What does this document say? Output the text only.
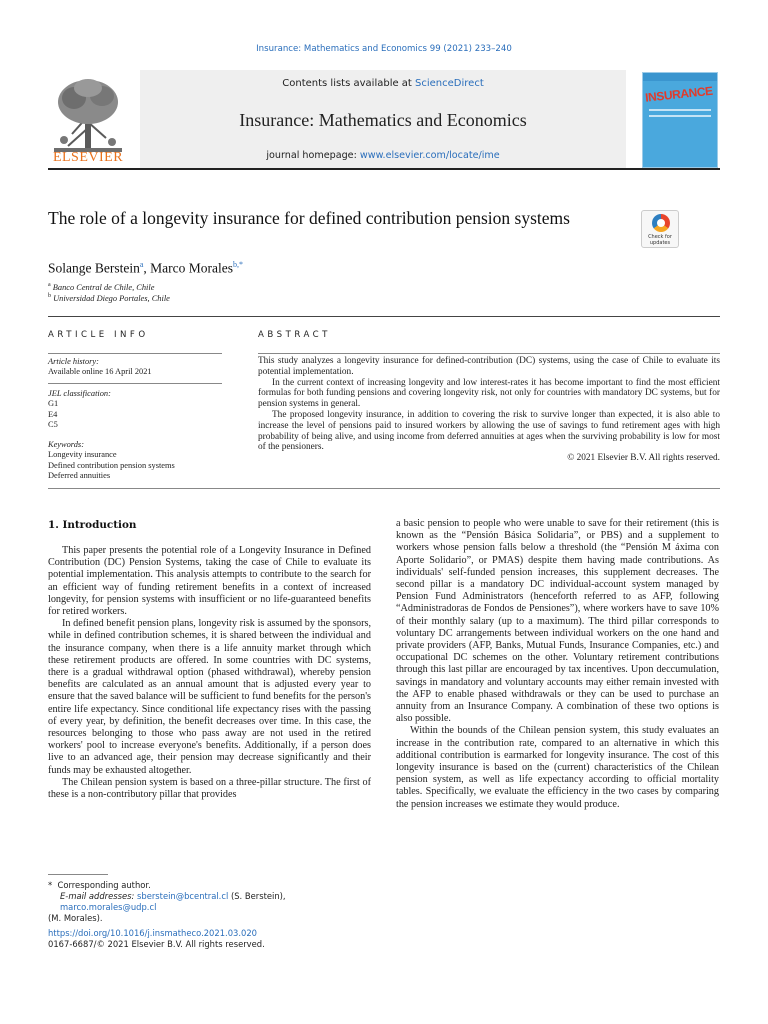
Insurance: Mathematics and Economics 99 (2021) 233–240
ELSEVIER
Contents lists available at ScienceDirect
Insurance: Mathematics and Economics
journal homepage: www.elsevier.com/locate/ime
INSURANCE
The role of a longevity insurance for defined contribution pension systems
Check for updates
Solange Berstein$^a$, Marco Morales$^{b,*}$
$^a$ Banco Central de Chile, Chile
$^b$ Universidad Diego Portales, Chile
ARTICLE INFO	ABSTRACT
Article history:
Available online 16 April 2021
JEL classification:
G1
E4
C5
Keywords:
Longevity insurance
Defined contribution pension systems
Deferred annuities

This study analyzes a longevity insurance for defined-contribution (DC) systems, using the case of Chile to evaluate its potential implementation.

In the current context of increasing longevity and low interest-rates it has become important to find the most efficient formulas for both funding pensions and covering longevity risk, not only for countries with mandatory DC systems, but for pension systems in general.

The proposed longevity insurance, in addition to covering the risk to survive longer than expected, it is also able to increase the level of pensions paid to insured workers by allowing the use of savings to fund retirement ages with high probability of being alive, and using income from deferred annuities at ages when the surviving probability is low for most of the pensioners.

© 2021 Elsevier B.V. All rights reserved.

1. Introduction

This paper presents the potential role of a Longevity Insurance in Defined Contribution (DC) Pension Systems, taking the case of Chile to evaluate its potential implementation. This analysis attempts to contribute to the search for an efficient way of funding retirement benefits in a context of increased longevity, for pension systems with insufficient or no life-guaranteed benefits for retired workers.

In defined benefit pension plans, longevity risk is assumed by the sponsors, while in defined contribution schemes, it is shared between the individual and the insurance company, when there is a life annuity market through which these retirement products are offered. In some countries with DC systems, there is a gradual withdrawal option (phased withdrawal), whereby pension benefits are calculated as an annual amount that is adjusted every year to ensure that the saved balance will be sufficient to fund benefits for the person's entire life expectancy. Since conditional life expectancy rises with the passing of every year, by definition, the benefit decreases over time. In this case, the resources belonging to those who pass away are not used in the retired workers' pool to increase everyone's benefits. Additionally, if a person does live to an advanced age, their pension may decrease significantly and their funds may be exhausted altogether.

The Chilean pension system is based on a three-pillar structure. The first of these is a non-contributory pillar that provides

a basic pension to people who were unable to save for their retirement (this is known as the “Pensión Básica Solidaria”, or PBS) and a supplement to workers whose pension falls below a threshold (the “Pensión M áxima con Aporte Solidario”, or PMAS) despite them having made contributions. As individuals' self-funded pension increases, this supplement decreases. The second pillar is a mandatory DC individual-account system managed by Pension Fund Administrators (henceforth referred to as AFP, following “Administradoras de Fondos de Pensiones”), where workers have to save 10% of their monthly salary (up to a maximum). The third pillar corresponds to voluntary DC arrangements between individual workers on the one hand and private providers (AFP, Banks, Mutual Funds, Insurance Companies, etc.) and occupational DC schemes on the other. Voluntary retirement contributions through this last pillar are encouraged by tax incentives. Upon deccumulation, savings in mandatory and voluntary accounts may either remain invested with the AFP to enable phased withdrawals or they can be used to purchase an annuity from an Insurance Company. A combination of these two options is also possible.

Within the bounds of the Chilean pension system, this study evaluates an increase in the contribution rate, compared to an alternative in which this additional contribution is earmarked for longevity insurance. The cost of this longevity insurance is based on the (current) characteristics of the Chilean pension system, as well as life expectancy according to official mortality tables. Specifically, we evaluate the efficiency in the two cases by comparing the pension increases we estimate they would produce.

* Corresponding author.
E-mail addresses: sberstein@bcentral.cl (S. Berstein), marco.morales@udp.cl
(M. Morales).
https://doi.org/10.1016/j.insmatheco.2021.03.020
0167-6687/© 2021 Elsevier B.V. All rights reserved.
